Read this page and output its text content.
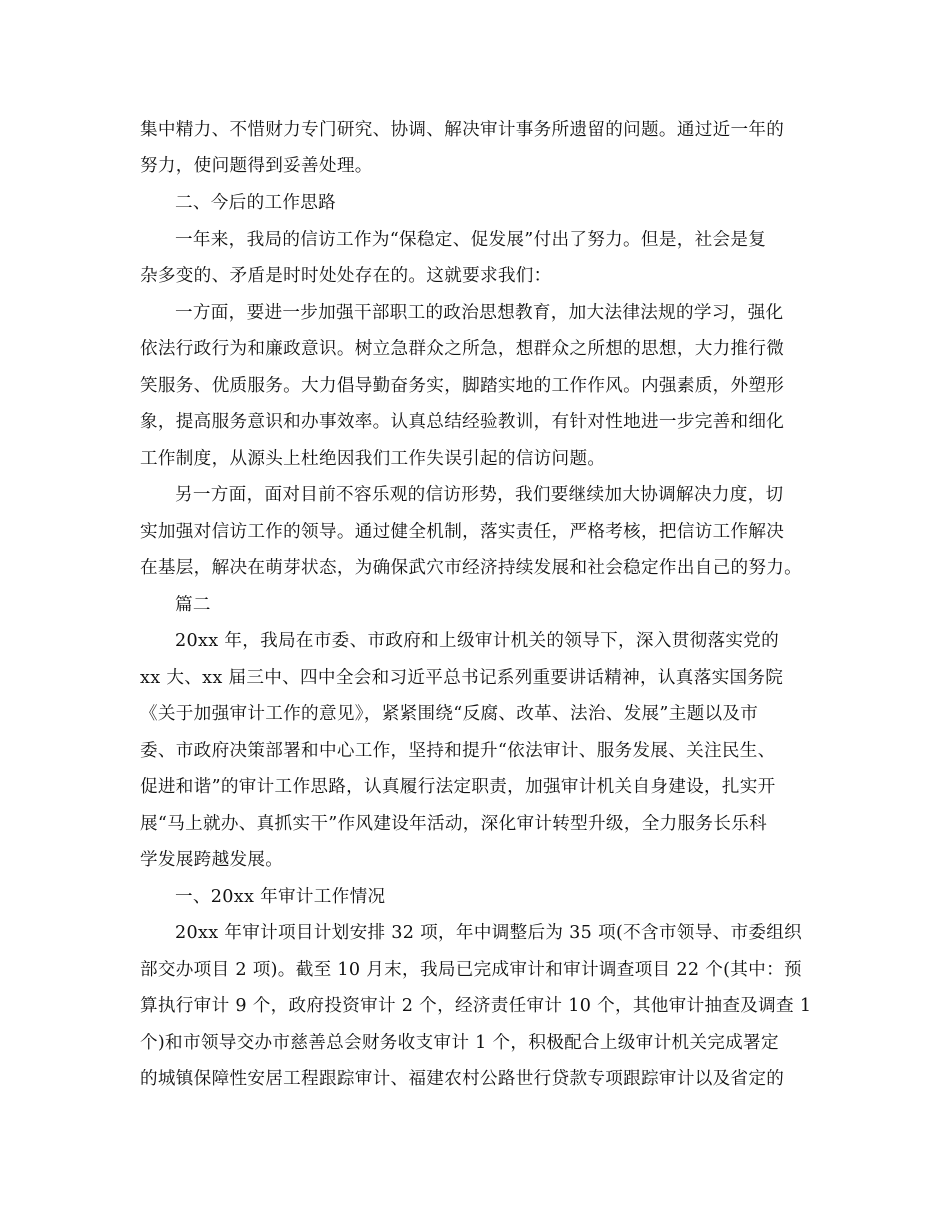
集中精力、不惜财力专门研究、协调、解决审计事务所遗留的问题。通过近一年的
努力，使问题得到妥善处理。
二、今后的工作思路
一年来，我局的信访工作为“保稳定、促发展”付出了努力。但是，社会是复
杂多变的、矛盾是时时处处存在的。这就要求我们：
一方面，要进一步加强干部职工的政治思想教育，加大法律法规的学习，强化
依法行政行为和廉政意识。树立急群众之所急，想群众之所想的思想，大力推行微
笑服务、优质服务。大力倡导勤奋务实，脚踏实地的工作作风。内强素质，外塑形
象，提高服务意识和办事效率。认真总结经验教训，有针对性地进一步完善和细化
工作制度，从源头上杜绝因我们工作失误引起的信访问题。
另一方面，面对目前不容乐观的信访形势，我们要继续加大协调解决力度，切
实加强对信访工作的领导。通过健全机制，落实责任，严格考核，把信访工作解决
在基层，解决在萌芽状态，为确保武穴市经济持续发展和社会稳定作出自己的努力。
篇二
20xx 年，我局在市委、市政府和上级审计机关的领导下，深入贯彻落实党的
xx 大、xx 届三中、四中全会和习近平总书记系列重要讲话精神，认真落实国务院
《关于加强审计工作的意见》，紧紧围绕“反腐、改革、法治、发展”主题以及市
委、市政府决策部署和中心工作，坚持和提升“依法审计、服务发展、关注民生、
促进和谐”的审计工作思路，认真履行法定职责，加强审计机关自身建设，扎实开
展“马上就办、真抓实干”作风建设年活动，深化审计转型升级，全力服务长乐科
学发展跨越发展。
一、20xx 年审计工作情况
20xx 年审计项目计划安排 32 项，年中调整后为 35 项(不含市领导、市委组织
部交办项目 2 项)。截至 10 月末，我局已完成审计和审计调查项目 22 个(其中：预
算执行审计 9 个，政府投资审计 2 个，经济责任审计 10 个，其他审计抽查及调查 1
个)和市领导交办市慈善总会财务收支审计 1 个，积极配合上级审计机关完成署定
的城镇保障性安居工程跟踪审计、福建农村公路世行贷款专项跟踪审计以及省定的
